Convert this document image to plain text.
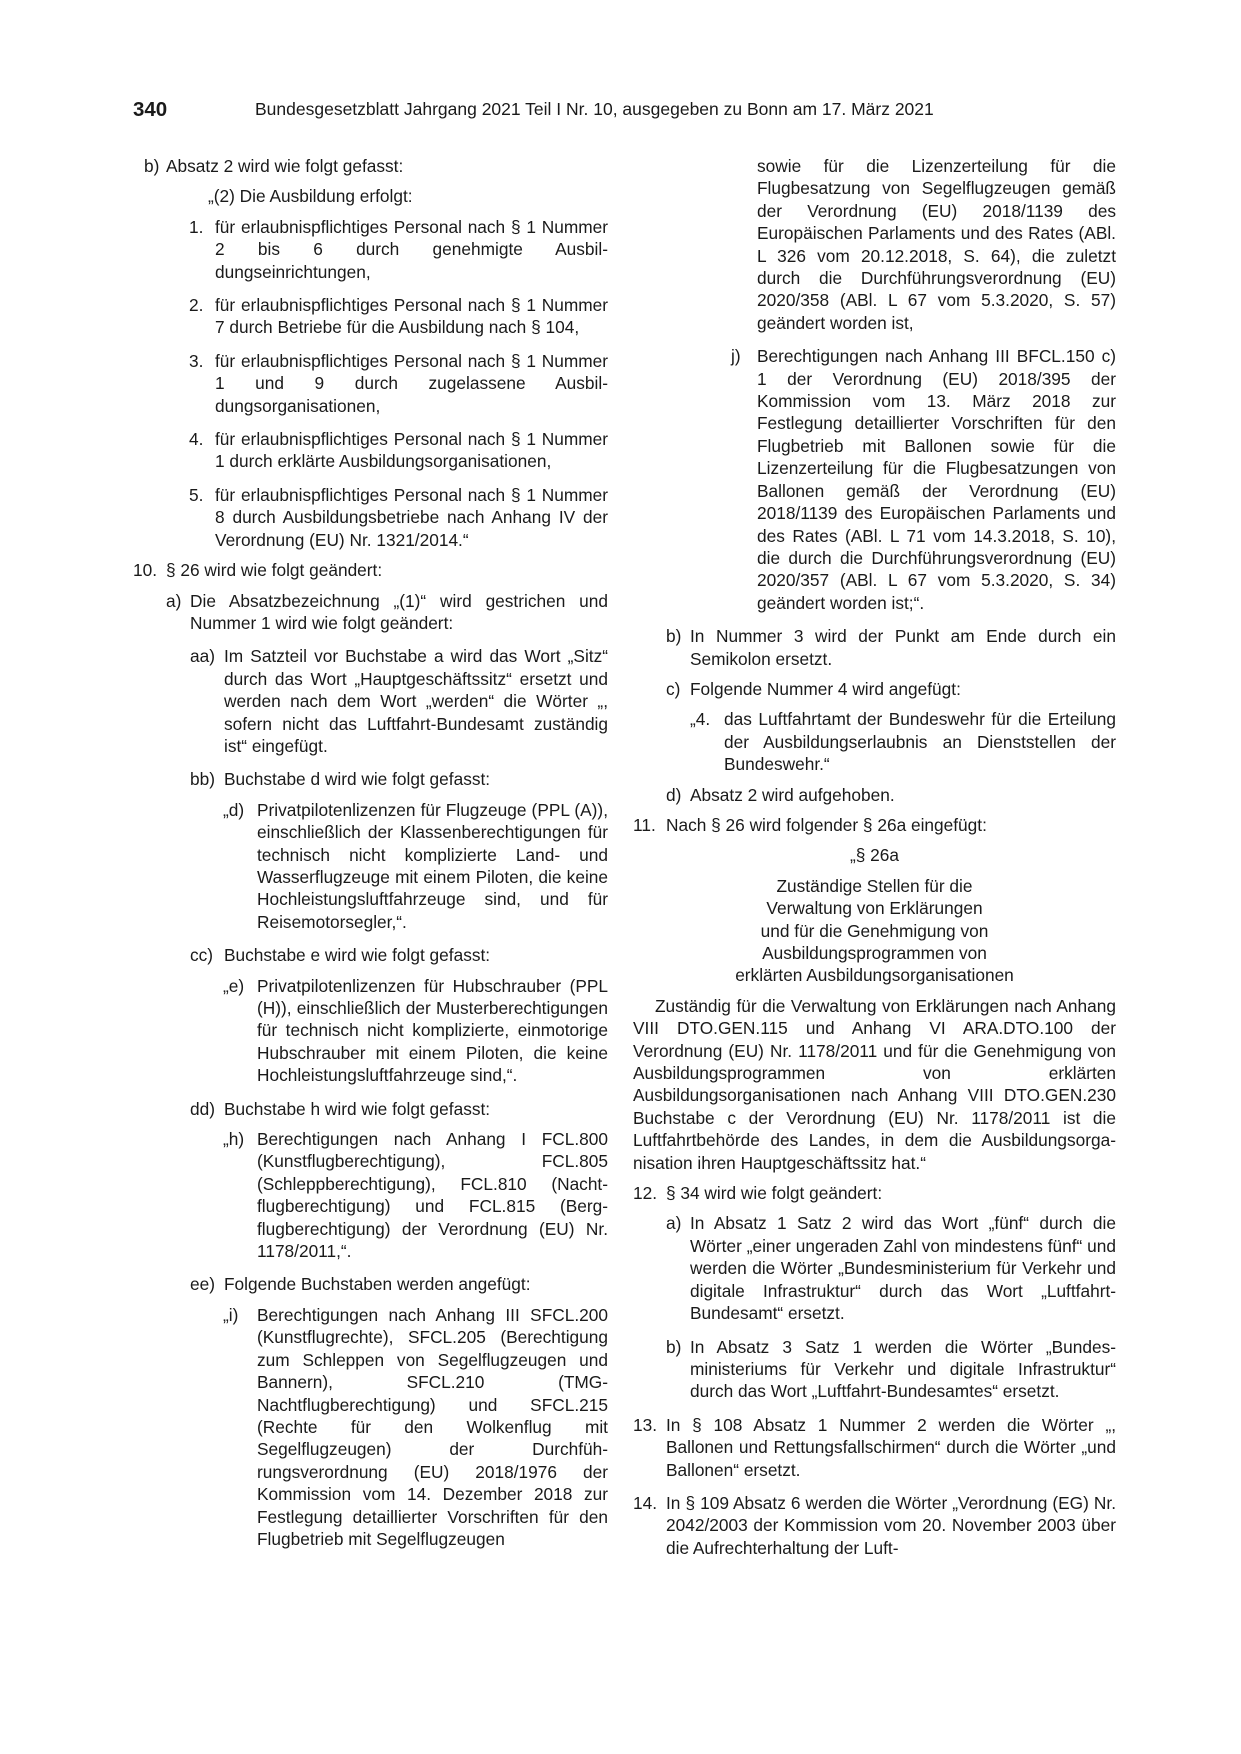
340	Bundesgesetzblatt Jahrgang 2021 Teil I Nr. 10, ausgegeben zu Bonn am 17. März 2021
b) Absatz 2 wird wie folgt gefasst:

„(2) Die Ausbildung erfolgt:

1. für erlaubnispflichtiges Personal nach § 1 Nummer 2 bis 6 durch genehmigte Ausbildungseinrichtungen,
2. für erlaubnispflichtiges Personal nach § 1 Nummer 7 durch Betriebe für die Ausbildung nach § 104,
3. für erlaubnispflichtiges Personal nach § 1 Nummer 1 und 9 durch zugelassene Ausbildungsorganisationen,
4. für erlaubnispflichtiges Personal nach § 1 Nummer 1 durch erklärte Ausbildungsorganisationen,
5. für erlaubnispflichtiges Personal nach § 1 Nummer 8 durch Ausbildungsbetriebe nach Anhang IV der Verordnung (EU) Nr. 1321/2014.“
10. § 26 wird wie folgt geändert:
a) Die Absatzbezeichnung „(1)“ wird gestrichen und Nummer 1 wird wie folgt geändert:
aa) Im Satzteil vor Buchstabe a wird das Wort „Sitz“ durch das Wort „Hauptgeschäftssitz“ ersetzt und werden nach dem Wort „werden“ die Wörter „, sofern nicht das Luftfahrt-Bundesamt zuständig ist“ eingefügt.
bb) Buchstabe d wird wie folgt gefasst:
„d) Privatpilotenlizenzen für Flugzeuge (PPL (A)), einschließlich der Klassenberechtigungen für technisch nicht komplizierte Land- und Wasserflugzeuge mit einem Piloten, die keine Hochleistungsluftfahrzeuge sind, und für Reisemotorsegler,“.
cc) Buchstabe e wird wie folgt gefasst:
„e) Privatpilotenlizenzen für Hubschrauber (PPL (H)), einschließlich der Musterberechtigungen für technisch nicht komplizierte, einmotorige Hubschrauber mit einem Piloten, die keine Hochleistungsluftfahrzeuge sind,“.
dd) Buchstabe h wird wie folgt gefasst:
„h) Berechtigungen nach Anhang I FCL.800 (Kunstflugberechtigung), FCL.805 (Schleppberechtigung), FCL.810 (Nachtflugberechtigung) und FCL.815 (Bergflugberechtigung) der Verordnung (EU) Nr. 1178/2011,“.
ee) Folgende Buchstaben werden angefügt:
„i) Berechtigungen nach Anhang III SFCL.200 (Kunstflugrechte), SFCL.205 (Berechtigung zum Schleppen von Segelflugzeugen und Bannern), SFCL.210 (TMG-Nachtflugberechtigung) und SFCL.215 (Rechte für den Wolkenflug mit Segelflugzeugen) der Durchführungsverordnung (EU) 2018/1976 der Kommission vom 14. Dezember 2018 zur Festlegung detaillierter Vorschriften für den Flugbetrieb mit Segelflugzeugen

sowie für die Lizenzerteilung für die Flugbesatzung von Segelflugzeugen gemäß der Verordnung (EU) 2018/1139 des Europäischen Parlaments und des Rates (ABl. L 326 vom 20.12.2018, S. 64), die zuletzt durch die Durchführungsverordnung (EU) 2020/358 (ABl. L 67 vom 5.3.2020, S. 57) geändert worden ist,

j) Berechtigungen nach Anhang III BFCL.150 c) 1 der Verordnung (EU) 2018/395 der Kommission vom 13. März 2018 zur Festlegung detaillierter Vorschriften für den Flugbetrieb mit Ballonen sowie für die Lizenzerteilung für die Flugbesatzungen von Ballonen gemäß der Verordnung (EU) 2018/1139 des Europäischen Parlaments und des Rates (ABl. L 71 vom 14.3.2018, S. 10), die durch die Durchführungsverordnung (EU) 2020/357 (ABl. L 67 vom 5.3.2020, S. 34) geändert worden ist;“.
b) In Nummer 3 wird der Punkt am Ende durch ein Semikolon ersetzt.
c) Folgende Nummer 4 wird angefügt:
„4. das Luftfahrtamt der Bundeswehr für die Erteilung der Ausbildungserlaubnis an Dienststellen der Bundeswehr.“
d) Absatz 2 wird aufgehoben.
11. Nach § 26 wird folgender § 26a eingefügt:

„§ 26a

Zuständige Stellen für die

Verwaltung von Erklärungen

und für die Genehmigung von

Ausbildungsprogrammen von

erklärten Ausbildungsorganisationen

Zuständig für die Verwaltung von Erklärungen nach Anhang VIII DTO.GEN.115 und Anhang VI ARA.DTO.100 der Verordnung (EU) Nr. 1178/2011 und für die Genehmigung von Ausbildungsprogrammen von erklärten Ausbildungsorganisationen nach Anhang VIII DTO.GEN.230 Buchstabe c der Verordnung (EU) Nr. 1178/2011 ist die Luftfahrtbehörde des Landes, in dem die Ausbildungsorganisation ihren Hauptgeschäftssitz hat.“

12. § 34 wird wie folgt geändert:
a) In Absatz 1 Satz 2 wird das Wort „fünf“ durch die Wörter „einer ungeraden Zahl von mindestens fünf“ und werden die Wörter „Bundesministerium für Verkehr und digitale Infrastruktur“ durch das Wort „Luftfahrt-Bundesamt“ ersetzt.
b) In Absatz 3 Satz 1 werden die Wörter „Bundesministeriums für Verkehr und digitale Infrastruktur“ durch das Wort „Luftfahrt-Bundesamtes“ ersetzt.
13. In § 108 Absatz 1 Nummer 2 werden die Wörter „, Ballonen und Rettungsfallschirmen“ durch die Wörter „und Ballonen“ ersetzt.
14. In § 109 Absatz 6 werden die Wörter „Verordnung (EG) Nr. 2042/2003 der Kommission vom 20. November 2003 über die Aufrechterhaltung der Luft-
